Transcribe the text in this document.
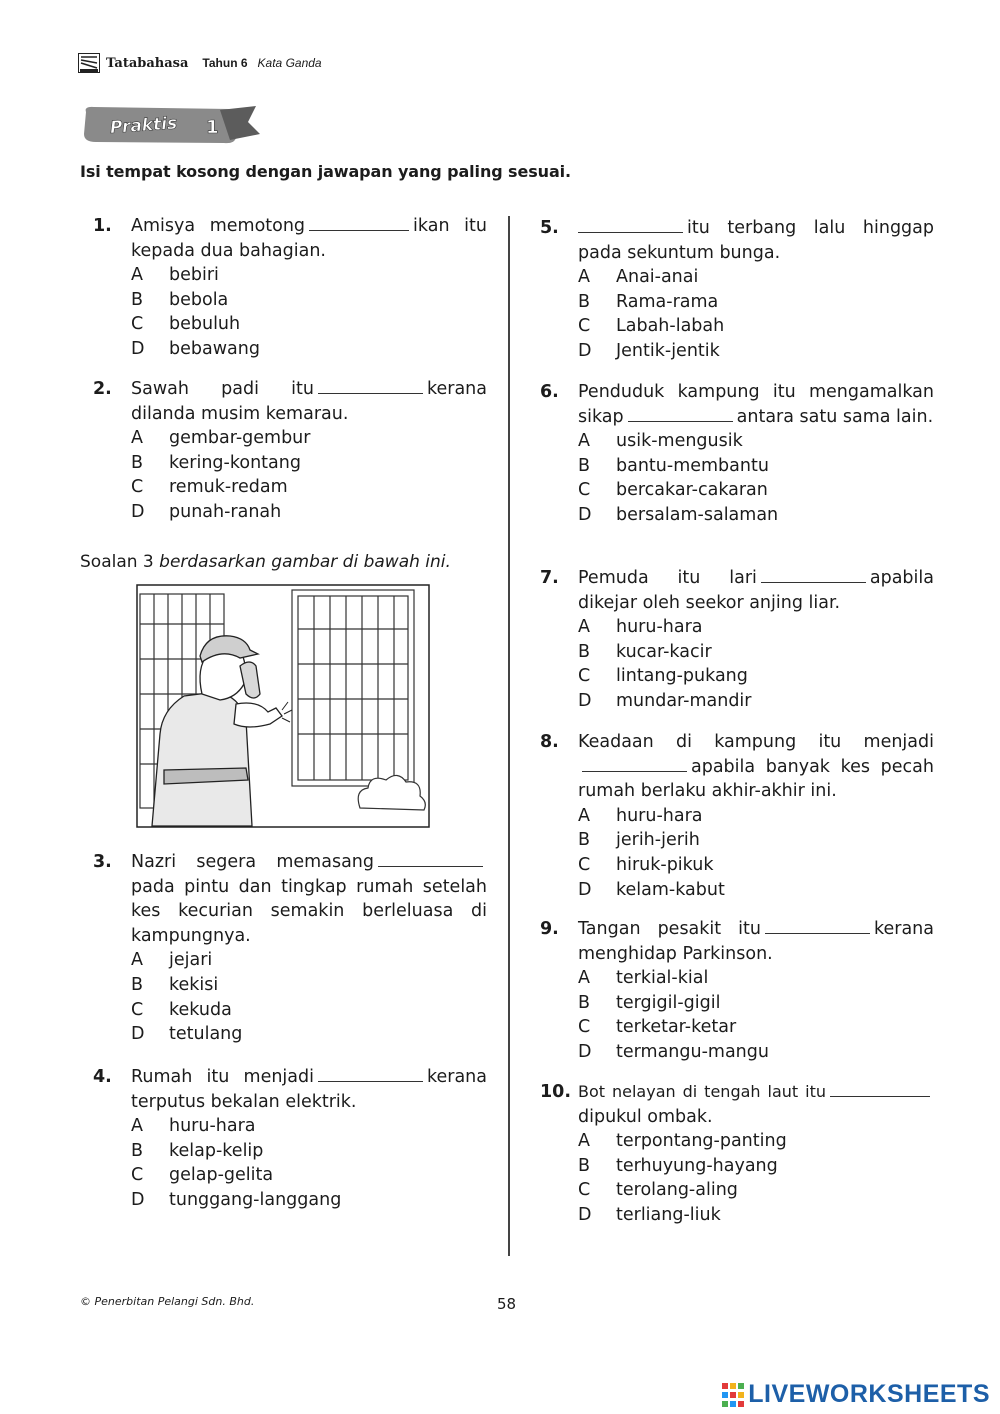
Tatabahasa Tahun 6 Kata Ganda
Praktis 1
Isi tempat kosong dengan jawapan yang paling sesuai.
1. Amisya memotong	ikan itu kepada dua bahagian.
A	bebiri
B	bebola
C	bebuluh
D	bebawang
2. Sawah padi itu	kerana dilanda musim kemarau.
A	gembar-gembur
B	kering-kontang
C	remuk-redam
D	punah-ranah
Soalan 3 berdasarkan gambar di bawah ini.
3. Nazri segera memasangpada pintu dan tingkap rumah setelah kes kecurian semakin berleluasa di kampungnya.
A	jejari
B	kekisi
C	kekuda
D	tetulang
4. Rumah itu menjadi	kerana terputus bekalan elektrik.
A	huru-hara
B	kelap-kelip
C	gelap-gelita
D	tunggang-langgang
5.	itu terbang lalu hinggap pada sekuntum bunga.
A	Anai-anai
B	Rama-rama
C	Labah-labah
D	Jentik-jentik
6. Penduduk kampung itu mengamalkan sikap	antara satu sama lain.
A	usik-mengusik
B	bantu-membantu
C	bercakar-cakaran
D	bersalam-salaman
7. Pemuda itu lari	apabila dikejar oleh seekor anjing liar.
A	huru-hara
B	kucar-kacir
C	lintang-pukang
D	mundar-mandir
8. Keadaan di kampung itu menjadiapabila banyak kes pecah rumah berlaku akhir-akhir ini.
A	huru-hara
B	jerih-jerih
C	hiruk-pikuk
D	kelam-kabut
9. Tangan pesakit itu	kerana menghidap Parkinson.
A	terkial-kial
B	tergigil-gigil
C	terketar-ketar
D	termangu-mangu
10. Bot nelayan di tengah laut itudipukul ombak.
A	terpontang-panting
B	terhuyung-hayang
C	terolang-aling
D	terliang-liuk
© Penerbitan Pelangi Sdn. Bhd.	58
LIVEWORKSHEETS
